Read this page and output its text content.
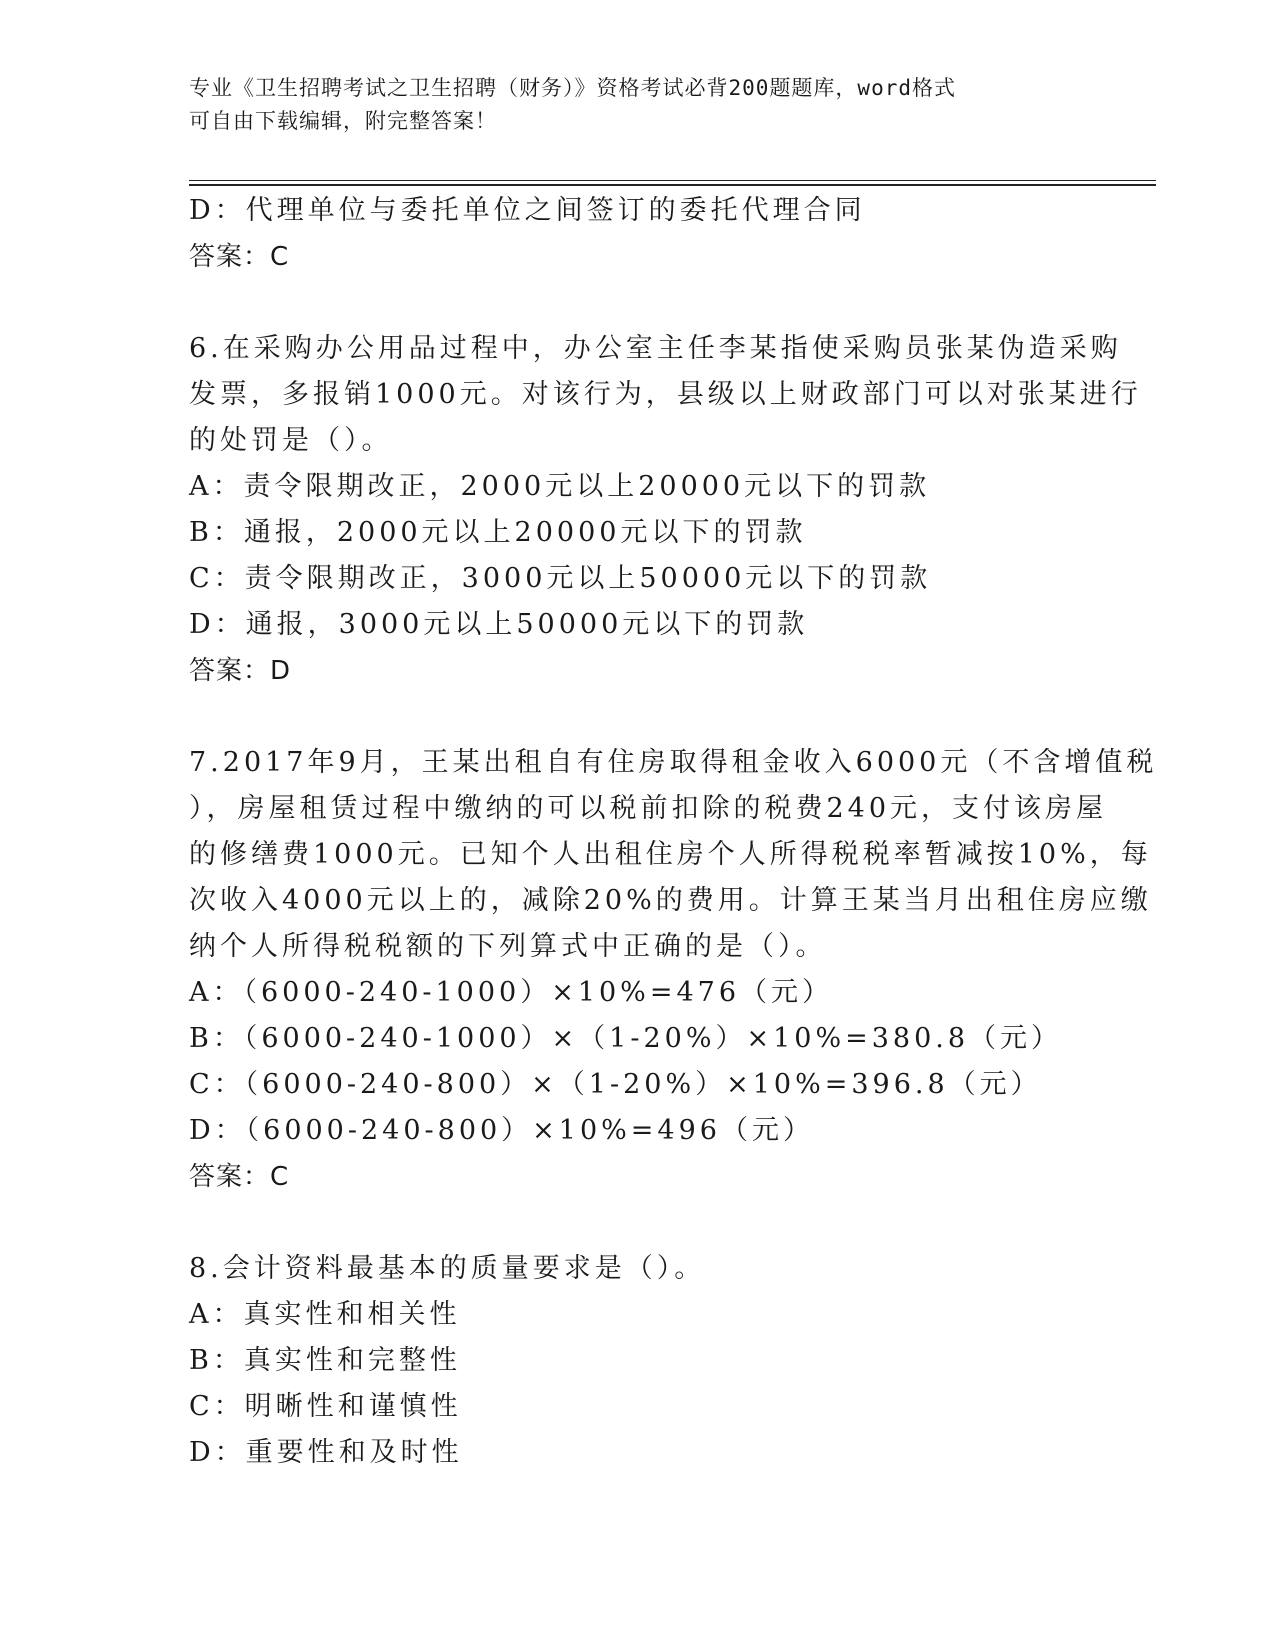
专业《卫生招聘考试之卫生招聘（财务）》资格考试必背200题题库，word格式
可自由下载编辑，附完整答案！
D：代理单位与委托单位之间签订的委托代理合同
答案：C
6.在采购办公用品过程中，办公室主任李某指使采购员张某伪造采购
发票，多报销1000元。对该行为，县级以上财政部门可以对张某进行
的处罚是（）。
A：责令限期改正，2000元以上20000元以下的罚款
B：通报，2000元以上20000元以下的罚款
C：责令限期改正，3000元以上50000元以下的罚款
D：通报，3000元以上50000元以下的罚款
答案：D
7.2017年9月，王某出租自有住房取得租金收入6000元（不含增值税
），房屋租赁过程中缴纳的可以税前扣除的税费240元，支付该房屋
的修缮费1000元。已知个人出租住房个人所得税税率暂减按10%，每
次收入4000元以上的，减除20%的费用。计算王某当月出租住房应缴
纳个人所得税税额的下列算式中正确的是（）。
A：（6000-240-1000）×10%=476（元）
B：（6000-240-1000）×（1-20%）×10%=380.8（元）
C：（6000-240-800）×（1-20%）×10%=396.8（元）
D：（6000-240-800）×10%=496（元）
答案：C
8.会计资料最基本的质量要求是（）。
A：真实性和相关性
B：真实性和完整性
C：明晰性和谨慎性
D：重要性和及时性
